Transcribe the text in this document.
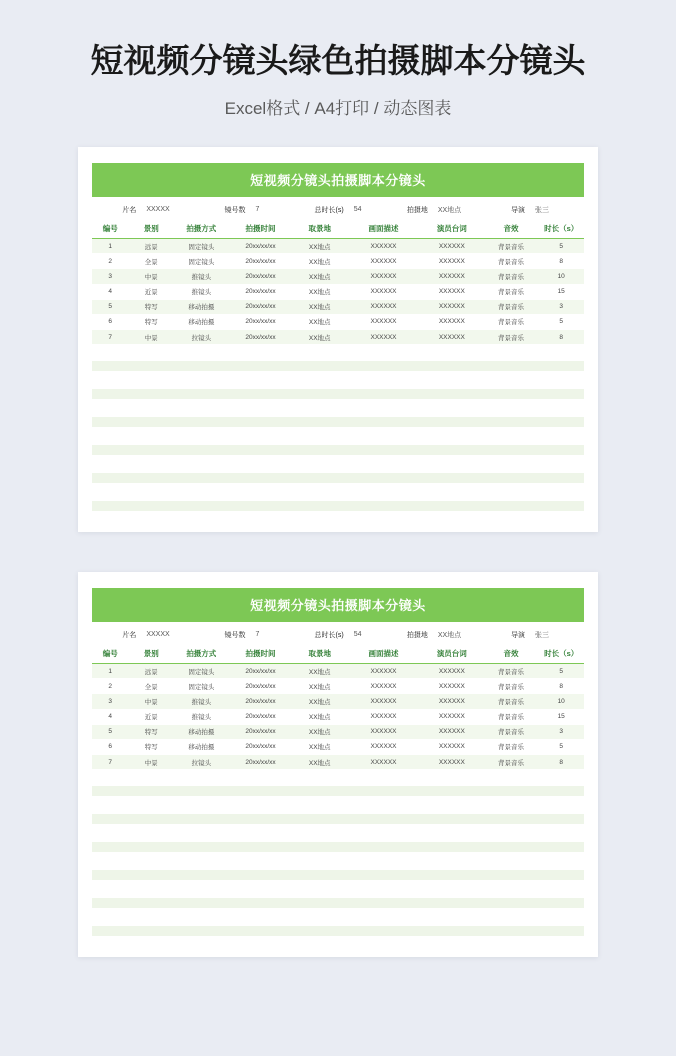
短视频分镜头绿色拍摄脚本分镜头
Excel格式 / A4打印 / 动态图表
短视频分镜头拍摄脚本分镜头
片名 XXXXX	镜号数 7	总时长(s) 54	拍摄地 XX地点	导演 张三
编号	景别	拍摄方式	拍摄时间	取景地	画面描述	演员台词	音效	时长（s）
1	远景	固定镜头	20xx/xx/xx	XX地点	XXXXXX	XXXXXX	背景音乐	5
2	全景	固定镜头	20xx/xx/xx	XX地点	XXXXXX	XXXXXX	背景音乐	8
3	中景	推镜头	20xx/xx/xx	XX地点	XXXXXX	XXXXXX	背景音乐	10
4	近景	推镜头	20xx/xx/xx	XX地点	XXXXXX	XXXXXX	背景音乐	15
5	特写	移动拍摄	20xx/xx/xx	XX地点	XXXXXX	XXXXXX	背景音乐	3
6	特写	移动拍摄	20xx/xx/xx	XX地点	XXXXXX	XXXXXX	背景音乐	5
7	中景	拉镜头	20xx/xx/xx	XX地点	XXXXXX	XXXXXX	背景音乐	8
短视频分镜头拍摄脚本分镜头
片名 XXXXX	镜号数 7	总时长(s) 54	拍摄地 XX地点	导演 张三
编号	景别	拍摄方式	拍摄时间	取景地	画面描述	演员台词	音效	时长（s）
1	远景	固定镜头	20xx/xx/xx	XX地点	XXXXXX	XXXXXX	背景音乐	5
2	全景	固定镜头	20xx/xx/xx	XX地点	XXXXXX	XXXXXX	背景音乐	8
3	中景	推镜头	20xx/xx/xx	XX地点	XXXXXX	XXXXXX	背景音乐	10
4	近景	推镜头	20xx/xx/xx	XX地点	XXXXXX	XXXXXX	背景音乐	15
5	特写	移动拍摄	20xx/xx/xx	XX地点	XXXXXX	XXXXXX	背景音乐	3
6	特写	移动拍摄	20xx/xx/xx	XX地点	XXXXXX	XXXXXX	背景音乐	5
7	中景	拉镜头	20xx/xx/xx	XX地点	XXXXXX	XXXXXX	背景音乐	8
